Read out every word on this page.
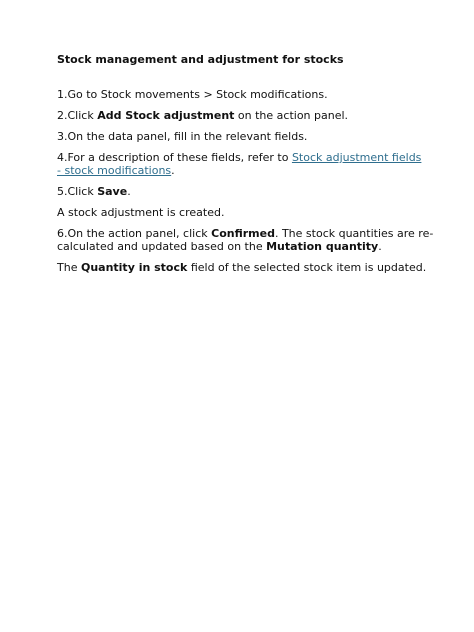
Stock management and adjustment for stocks

1.Go to Stock movements > Stock modifications.

2.Click Add Stock adjustment on the action panel.

3.On the data panel, fill in the relevant fields.

4.For a description of these fields, refer to Stock adjustment fields
- stock modifications.

5.Click Save.

A stock adjustment is created.

6.On the action panel, click Confirmed. The stock quantities are re-
calculated and updated based on the Mutation quantity.

The Quantity in stock field of the selected stock item is updated.
